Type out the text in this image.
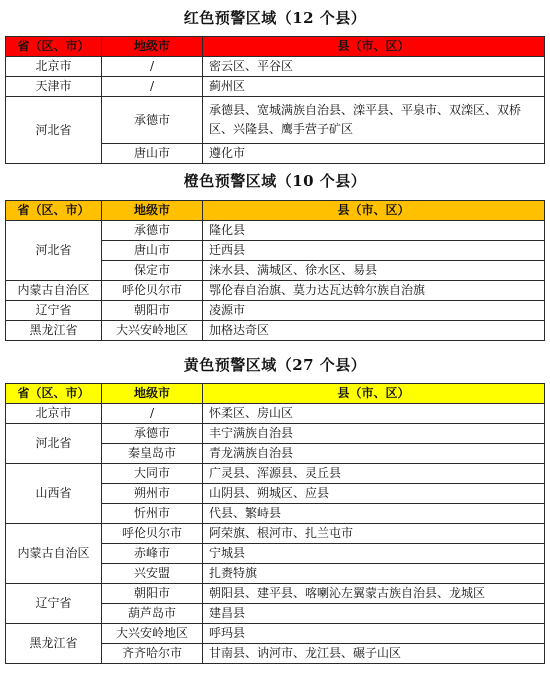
红色预警区域（12 个县）
省（区、市）	地级市	县（市、区）
北京市	/	密云区、平谷区
天津市	/	蓟州区
河北省	承德市	承德县、宽城满族自治县、滦平县、平泉市、双滦区、双桥区、兴隆县、鹰手营子矿区
	唐山市	遵化市
橙色预警区域（10 个县）
省（区、市）	地级市	县（市、区）
河北省	承德市	隆化县
	唐山市	迁西县
	保定市	涞水县、满城区、徐水区、易县
内蒙古自治区	呼伦贝尔市	鄂伦春自治旗、莫力达瓦达斡尔族自治旗
辽宁省	朝阳市	凌源市
黑龙江省	大兴安岭地区	加格达奇区
黄色预警区域（27 个县）
省（区、市）	地级市	县（市、区）
北京市	/	怀柔区、房山区
河北省	承德市	丰宁满族自治县
	秦皇岛市	青龙满族自治县
山西省	大同市	广灵县、浑源县、灵丘县
	朔州市	山阴县、朔城区、应县
	忻州市	代县、繁峙县
内蒙古自治区	呼伦贝尔市	阿荣旗、根河市、扎兰屯市
	赤峰市	宁城县
	兴安盟	扎赉特旗
辽宁省	朝阳市	朝阳县、建平县、喀喇沁左翼蒙古族自治县、龙城区
	葫芦岛市	建昌县
黑龙江省	大兴安岭地区	呼玛县
	齐齐哈尔市	甘南县、讷河市、龙江县、碾子山区
